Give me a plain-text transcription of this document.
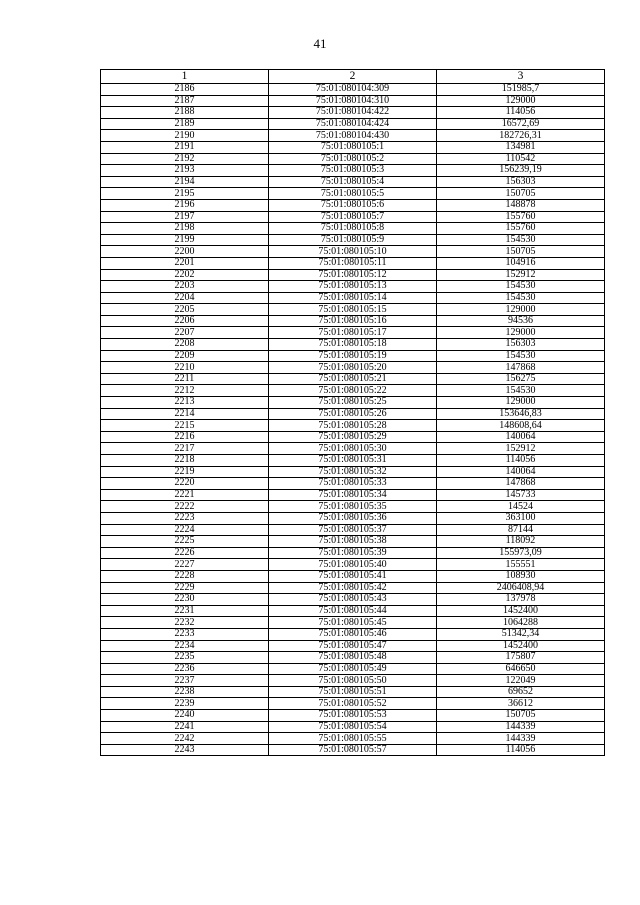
41
1	2	3
2186	75:01:080104:309	151985,7
2187	75:01:080104:310	129000
2188	75:01:080104:422	114056
2189	75:01:080104:424	16572,69
2190	75:01:080104:430	182726,31
2191	75:01:080105:1	134981
2192	75:01:080105:2	110542
2193	75:01:080105:3	156239,19
2194	75:01:080105:4	156303
2195	75:01:080105:5	150705
2196	75:01:080105:6	148878
2197	75:01:080105:7	155760
2198	75:01:080105:8	155760
2199	75:01:080105:9	154530
2200	75:01:080105:10	150705
2201	75:01:080105:11	104916
2202	75:01:080105:12	152912
2203	75:01:080105:13	154530
2204	75:01:080105:14	154530
2205	75:01:080105:15	129000
2206	75:01:080105:16	94536
2207	75:01:080105:17	129000
2208	75:01:080105:18	156303
2209	75:01:080105:19	154530
2210	75:01:080105:20	147868
2211	75:01:080105:21	156275
2212	75:01:080105:22	154530
2213	75:01:080105:25	129000
2214	75:01:080105:26	153646,83
2215	75:01:080105:28	148608,64
2216	75:01:080105:29	140064
2217	75:01:080105:30	152912
2218	75:01:080105:31	114056
2219	75:01:080105:32	140064
2220	75:01:080105:33	147868
2221	75:01:080105:34	145733
2222	75:01:080105:35	14524
2223	75:01:080105:36	363100
2224	75:01:080105:37	87144
2225	75:01:080105:38	118092
2226	75:01:080105:39	155973,09
2227	75:01:080105:40	155551
2228	75:01:080105:41	108930
2229	75:01:080105:42	2406408,94
2230	75:01:080105:43	137978
2231	75:01:080105:44	1452400
2232	75:01:080105:45	1064288
2233	75:01:080105:46	51342,34
2234	75:01:080105:47	1452400
2235	75:01:080105:48	175807
2236	75:01:080105:49	646650
2237	75:01:080105:50	122049
2238	75:01:080105:51	69652
2239	75:01:080105:52	36612
2240	75:01:080105:53	150705
2241	75:01:080105:54	144339
2242	75:01:080105:55	144339
2243	75:01:080105:57	114056
